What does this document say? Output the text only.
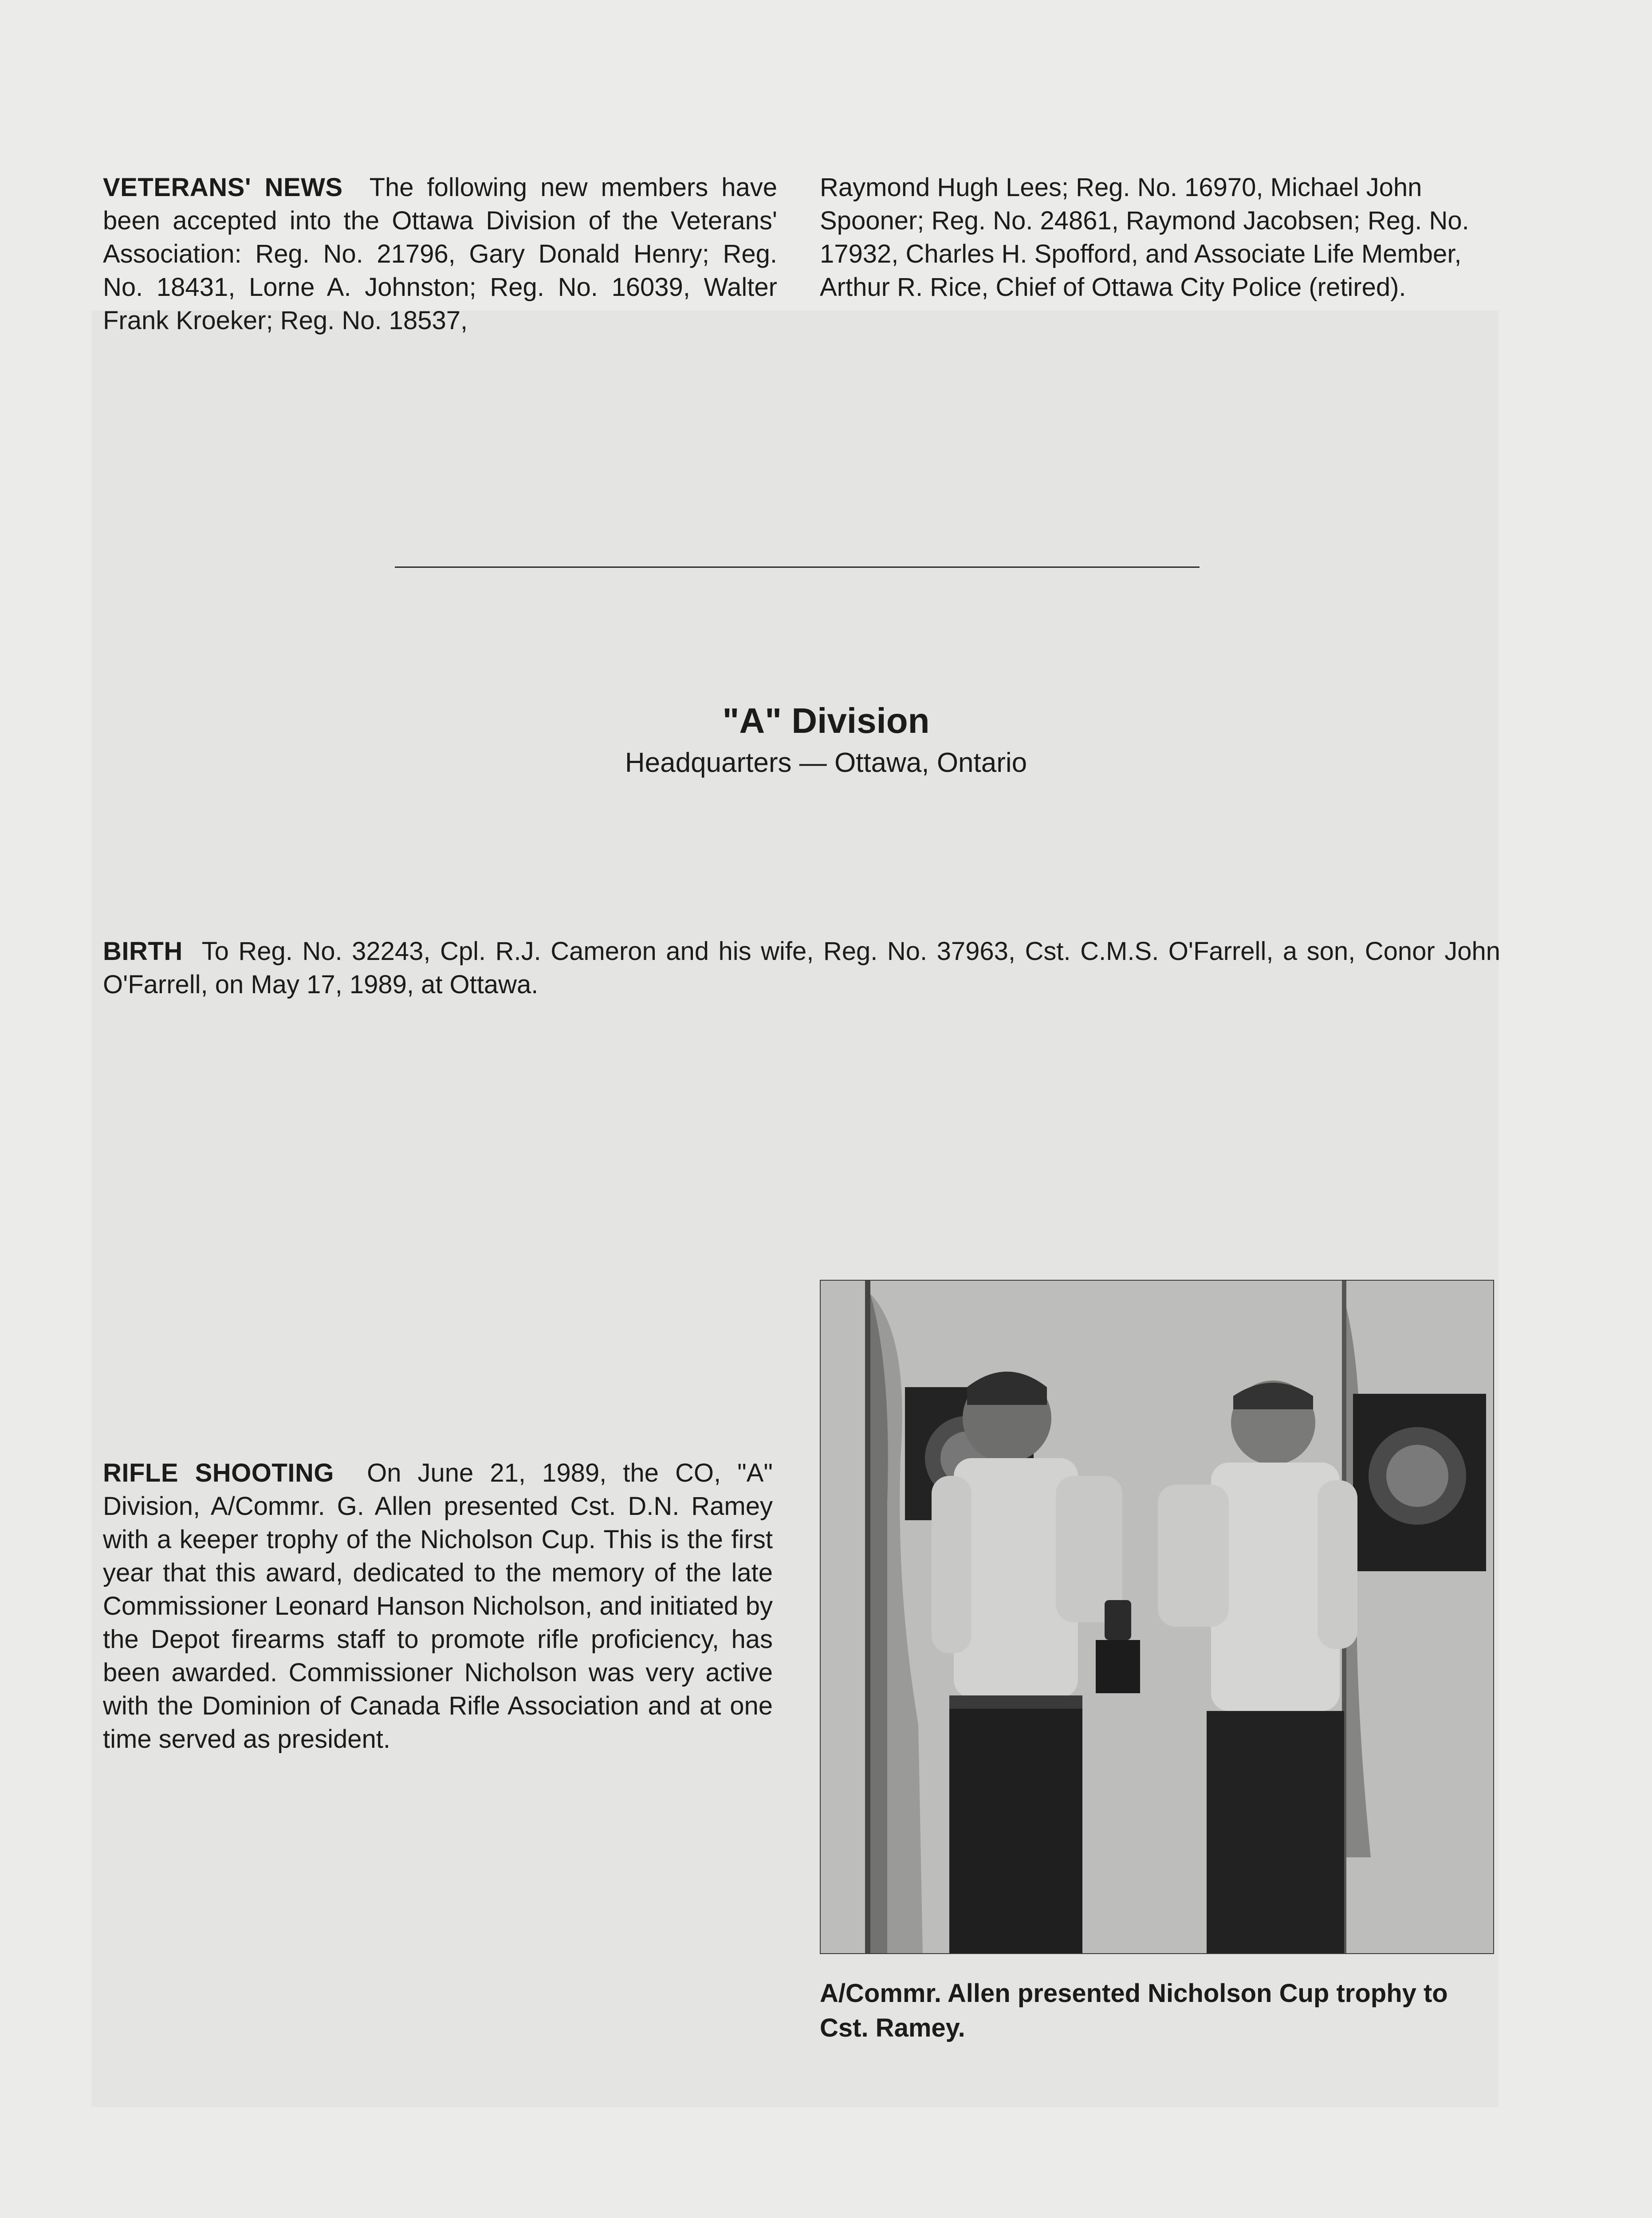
VETERANS' NEWS The following new members have been accepted into the Ottawa Division of the Veterans' Association: Reg. No. 21796, Gary Donald Henry; Reg. No. 18431, Lorne A. Johnston; Reg. No. 16039, Walter Frank Kroeker; Reg. No. 18537,

Raymond Hugh Lees; Reg. No. 16970, Michael John Spooner; Reg. No. 24861, Raymond Jacobsen; Reg. No. 17932, Charles H. Spofford, and Associate Life Member, Arthur R. Rice, Chief of Ottawa City Police (retired).

"A" Division
Headquarters — Ottawa, Ontario

BIRTH To Reg. No. 32243, Cpl. R.J. Cameron and his wife, Reg. No. 37963, Cst. C.M.S. O'Farrell, a son, Conor John O'Farrell, on May 17, 1989, at Ottawa.

RIFLE SHOOTING On June 21, 1989, the CO, "A" Division, A/Commr. G. Allen presented Cst. D.N. Ramey with a keeper trophy of the Nicholson Cup. This is the first year that this award, dedicated to the memory of the late Commissioner Leonard Hanson Nicholson, and initiated by the Depot firearms staff to promote rifle proficiency, has been awarded. Commissioner Nicholson was very active with the Dominion of Canada Rifle Association and at one time served as president.

A/Commr. Allen presented Nicholson Cup trophy to Cst. Ramey.
